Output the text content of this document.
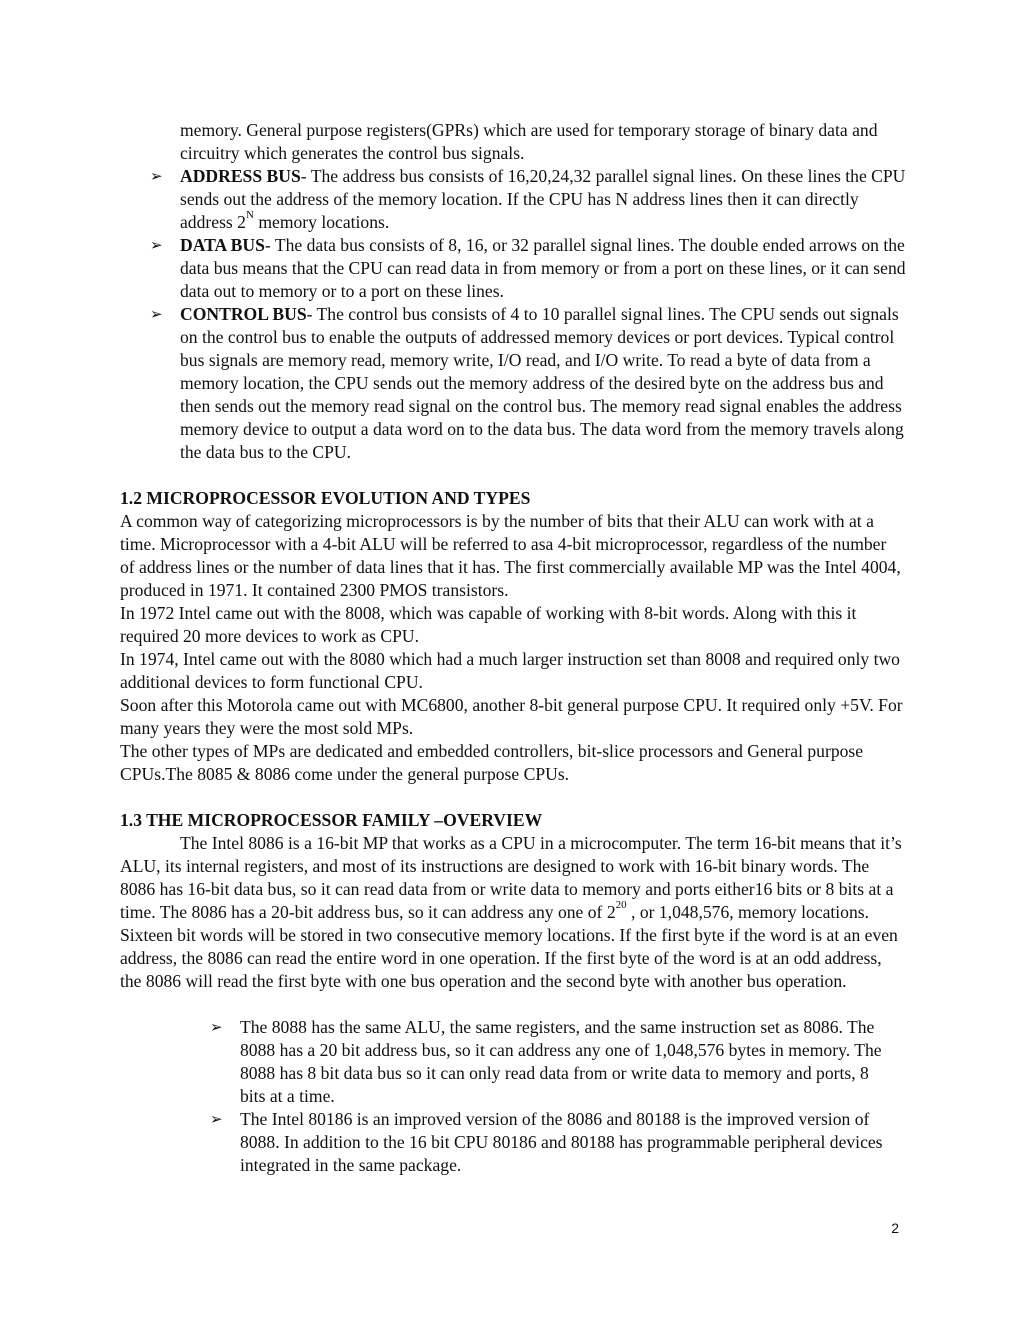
memory. General purpose registers(GPRs) which are used for temporary storage of binary data and circuitry which generates the control bus signals.

➢ ADDRESS BUS- The address bus consists of 16,20,24,32 parallel signal lines. On these lines the CPU sends out the address of the memory location. If the CPU has N address lines then it can directly address $2^N$ memory locations.

➢ DATA BUS- The data bus consists of 8, 16, or 32 parallel signal lines. The double ended arrows on the data bus means that the CPU can read data in from memory or from a port on these lines, or it can send data out to memory or to a port on these lines.

➢ CONTROL BUS- The control bus consists of 4 to 10 parallel signal lines. The CPU sends out signals on the control bus to enable the outputs of addressed memory devices or port devices. Typical control bus signals are memory read, memory write, I/O read, and I/O write. To read a byte of data from a memory location, the CPU sends out the memory address of the desired byte on the address bus and then sends out the memory read signal on the control bus. The memory read signal enables the address memory device to output a data word on to the data bus. The data word from the memory travels along the data bus to the CPU.

1.2 MICROPROCESSOR EVOLUTION AND TYPES

A common way of categorizing microprocessors is by the number of bits that their ALU can work with at a time. Microprocessor with a 4-bit ALU will be referred to asa 4-bit microprocessor, regardless of the number of address lines or the number of data lines that it has. The first commercially available MP was the Intel 4004, produced in 1971. It contained 2300 PMOS transistors.

In 1972 Intel came out with the 8008, which was capable of working with 8-bit words. Along with this it required 20 more devices to work as CPU.

In 1974, Intel came out with the 8080 which had a much larger instruction set than 8008 and required only two additional devices to form functional CPU.

Soon after this Motorola came out with MC6800, another 8-bit general purpose CPU. It required only +5V. For many years they were the most sold MPs.

The other types of MPs are dedicated and embedded controllers, bit-slice processors and General purpose CPUs.The 8085 & 8086 come under the general purpose CPUs.

1.3 THE MICROPROCESSOR FAMILY –OVERVIEW

The Intel 8086 is a 16-bit MP that works as a CPU in a microcomputer. The term 16-bit means that it’s ALU, its internal registers, and most of its instructions are designed to work with 16-bit binary words. The 8086 has 16-bit data bus, so it can read data from or write data to memory and ports either16 bits or 8 bits at a time. The 8086 has a 20-bit address bus, so it can address any one of $2^{20}$ , or 1,048,576, memory locations. Sixteen bit words will be stored in two consecutive memory locations. If the first byte if the word is at an even address, the 8086 can read the entire word in one operation. If the first byte of the word is at an odd address, the 8086 will read the first byte with one bus operation and the second byte with another bus operation.

➢ The 8088 has the same ALU, the same registers, and the same instruction set as 8086. The 8088 has a 20 bit address bus, so it can address any one of 1,048,576 bytes in memory. The 8088 has 8 bit data bus so it can only read data from or write data to memory and ports, 8 bits at a time.

➢ The Intel 80186 is an improved version of the 8086 and 80188 is the improved version of 8088. In addition to the 16 bit CPU 80186 and 80188 has programmable peripheral devices integrated in the same package.

2
